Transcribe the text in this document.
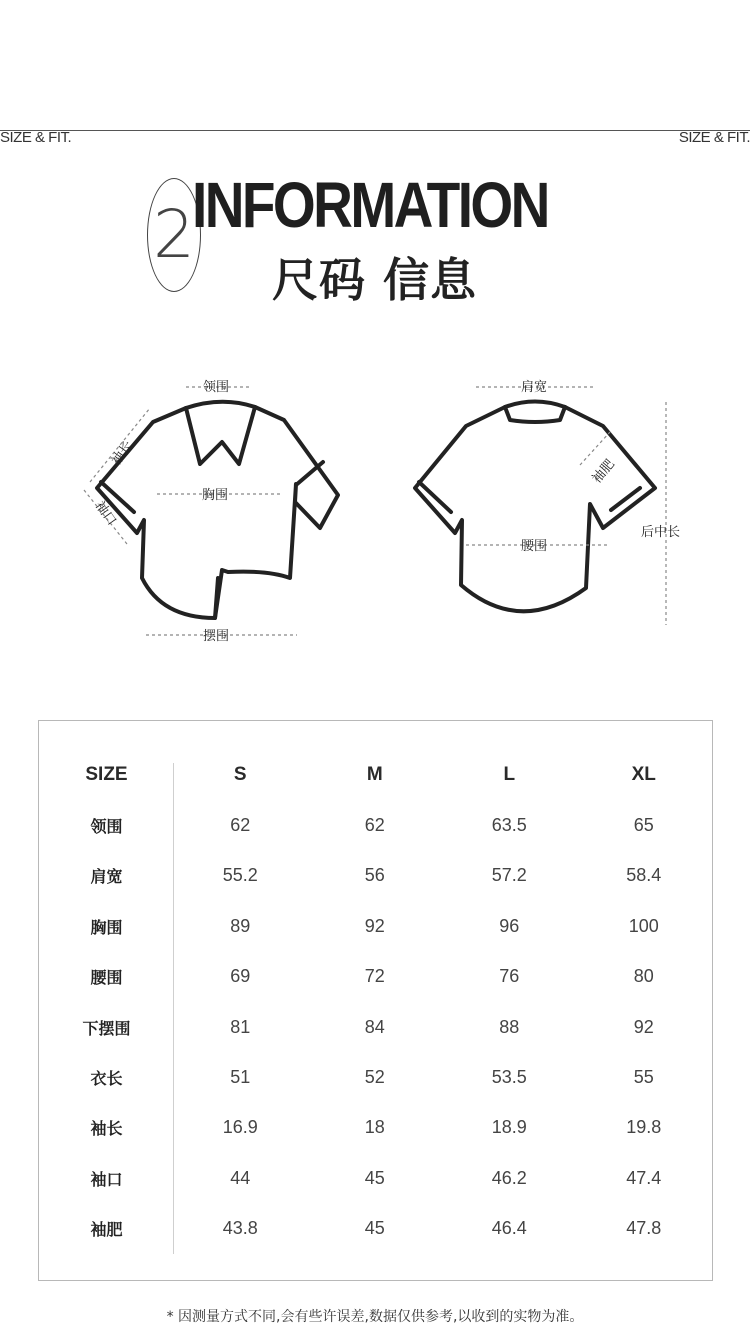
SIZE & FIT.	SIZE & FIT.
2
INFORMATION
尺码 信息
领围
胸围
摆围
袖长
袖口
肩宽
腰围
袖肥
后中长
SIZE	S	M	L	XL
领围	62	62	63.5	65
肩宽	55.2	56	57.2	58.4
胸围	89	92	96	100
腰围	69	72	76	80
下摆围	81	84	88	92
衣长	51	52	53.5	55
袖长	16.9	18	18.9	19.8
袖口	44	45	46.2	47.4
袖肥	43.8	45	46.4	47.8
* 因测量方式不同,会有些许误差,数据仅供参考,以收到的实物为准。
